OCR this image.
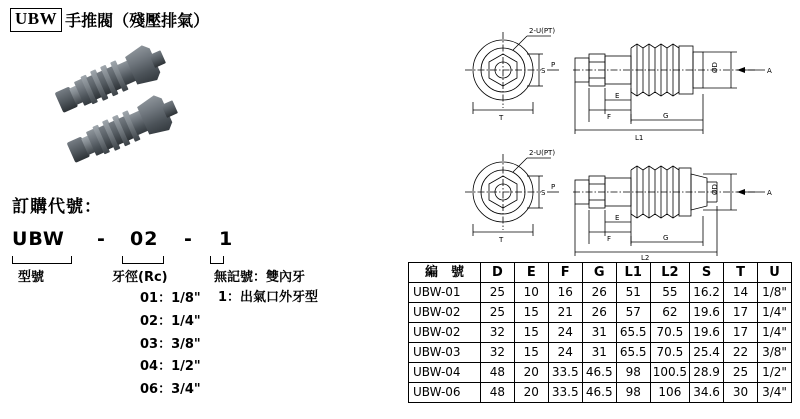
UBW 手推閥（殘壓排氣）
訂購代號：
UBW - 02 - 1
型號	牙徑(Rc)	無記號：雙內牙
1：出氣口外牙型
01：1/8"
02：1/4"
03：3/8"
04：1/2"
06：3/4"
2-U(PT)
S
T
P	ØD	A
E
F	G
L1
2-U(PT)
S
T
P	ØD	A
E
F	G
L2
編　號	D	E	F	G	L1	L2	S	T	U
UBW-01	25	10	16	26	51	55	16.2	14	1/8"
UBW-02	25	15	21	26	57	62	19.6	17	1/4"
UBW-02	32	15	24	31	65.5	70.5	19.6	17	1/4"
UBW-03	32	15	24	31	65.5	70.5	25.4	22	3/8"
UBW-04	48	20	33.5	46.5	98	100.5	28.9	25	1/2"
UBW-06	48	20	33.5	46.5	98	106	34.6	30	3/4"
